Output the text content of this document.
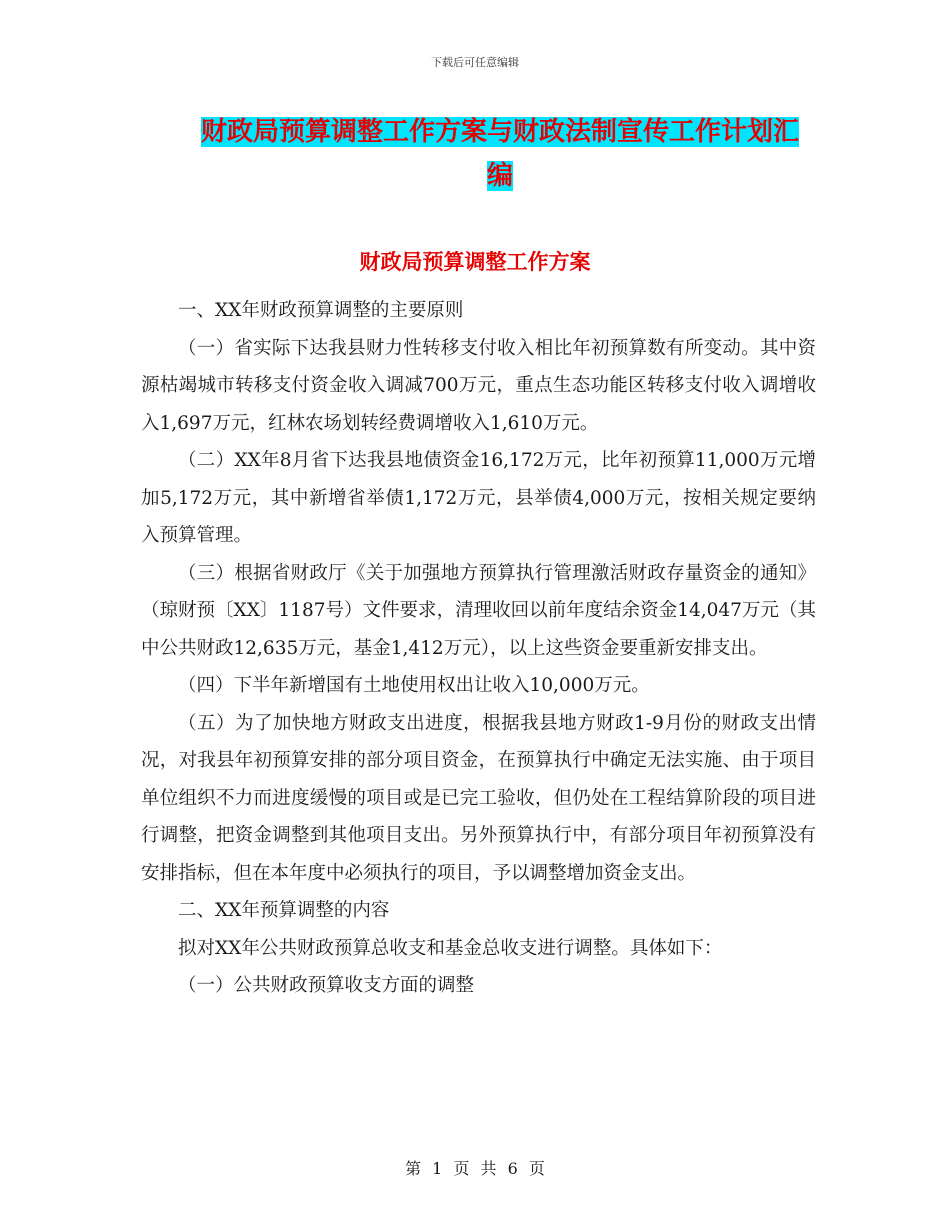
下载后可任意编辑
财政局预算调整工作方案与财政法制宣传工作计划汇编
财政局预算调整工作方案

一、XX年财政预算调整的主要原则

（一）省实际下达我县财力性转移支付收入相比年初预算数有所变动。其中资源枯竭城市转移支付资金收入调减700万元，重点生态功能区转移支付收入调增收入1,697万元，红林农场划转经费调增收入1,610万元。

（二）XX年8月省下达我县地债资金16,172万元，比年初预算11,000万元增加5,172万元，其中新增省举债1,172万元，县举债4,000万元，按相关规定要纳入预算管理。

（三）根据省财政厅《关于加强地方预算执行管理激活财政存量资金的通知》（琼财预〔XX〕1187号）文件要求，清理收回以前年度结余资金14,047万元（其中公共财政12,635万元，基金1,412万元），以上这些资金要重新安排支出。

（四）下半年新增国有土地使用权出让收入10,000万元。

（五）为了加快地方财政支出进度，根据我县地方财政1-9月份的财政支出情况，对我县年初预算安排的部分项目资金，在预算执行中确定无法实施、由于项目单位组织不力而进度缓慢的项目或是已完工验收，但仍处在工程结算阶段的项目进行调整，把资金调整到其他项目支出。另外预算执行中，有部分项目年初预算没有安排指标，但在本年度中必须执行的项目，予以调整增加资金支出。

二、XX年预算调整的内容

拟对XX年公共财政预算总收支和基金总收支进行调整。具体如下：

（一）公共财政预算收支方面的调整

第 1 页 共 6 页
